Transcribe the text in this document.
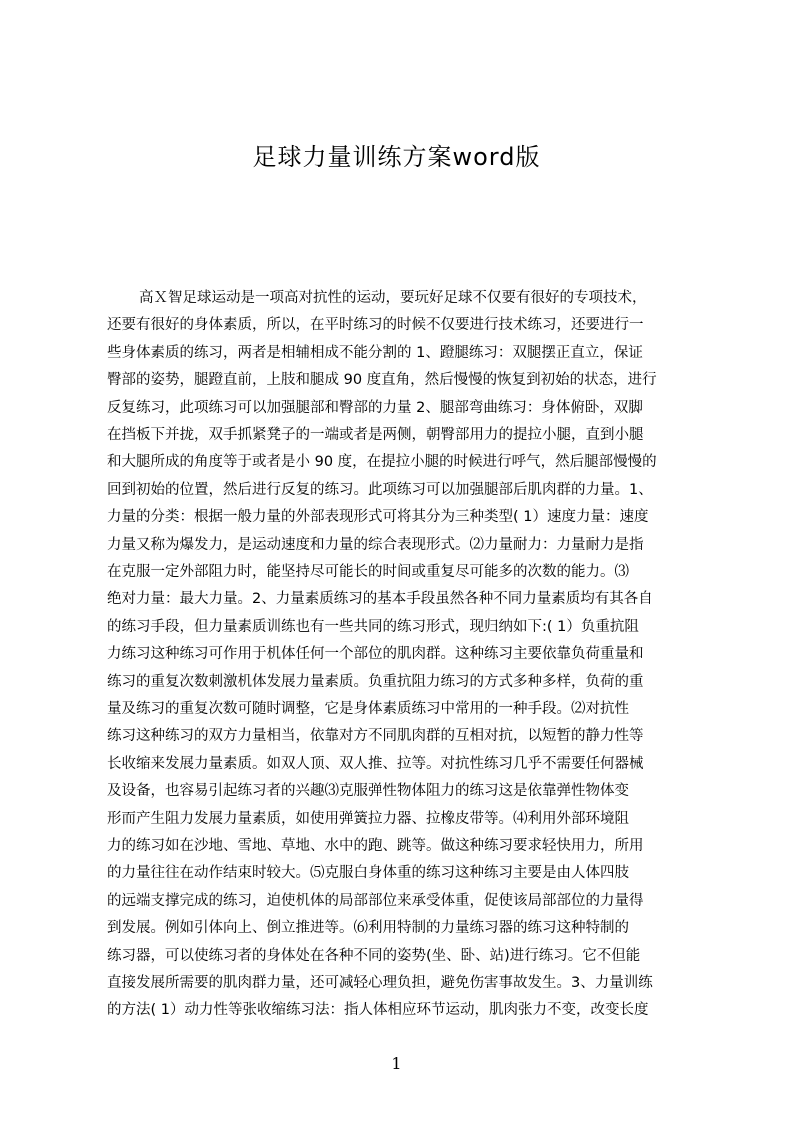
足球力量训练方案word版
高Ｘ智足球运动是一项高对抗性的运动，要玩好足球不仅要有很好的专项技术，
还要有很好的身体素质，所以，在平时练习的时候不仅要进行技术练习，还要进行一
些身体素质的练习，两者是相辅相成不能分割的 1、蹬腿练习：双腿摆正直立，保证
臀部的姿势，腿蹬直前，上肢和腿成 90 度直角，然后慢慢的恢复到初始的状态，进行
反复练习，此项练习可以加强腿部和臀部的力量 2、腿部弯曲练习：身体俯卧，双脚
在挡板下并拢，双手抓紧凳子的一端或者是两侧，朝臀部用力的提拉小腿，直到小腿
和大腿所成的角度等于或者是小 90 度，在提拉小腿的时候进行呼气，然后腿部慢慢的
回到初始的位置，然后进行反复的练习。此项练习可以加强腿部后肌肉群的力量。1、
力量的分类：根据一般力量的外部表现形式可将其分为三种类型( 1）速度力量：速度
力量又称为爆发力，是运动速度和力量的综合表现形式。⑵力量耐力：力量耐力是指
在克服一定外部阻力时，能坚持尽可能长的时间或重复尽可能多的次数的能力。⑶
绝对力量：最大力量。2、力量素质练习的基本手段虽然各种不同力量素质均有其各自
的练习手段，但力量素质训练也有一些共同的练习形式，现归纳如下:( 1）负重抗阻
力练习这种练习可作用于机体任何一个部位的肌肉群。这种练习主要依靠负荷重量和
练习的重复次数刺激机体发展力量素质。负重抗阻力练习的方式多种多样，负荷的重
量及练习的重复次数可随时调整，它是身体素质练习中常用的一种手段。⑵对抗性
练习这种练习的双方力量相当，依靠对方不同肌肉群的互相对抗，以短暂的静力性等
长收缩来发展力量素质。如双人顶、双人推、拉等。对抗性练习几乎不需要任何器械
及设备，也容易引起练习者的兴趣⑶克服弹性物体阻力的练习这是依靠弹性物体变
形而产生阻力发展力量素质，如使用弹簧拉力器、拉橡皮带等。⑷利用外部环境阻
力的练习如在沙地、雪地、草地、水中的跑、跳等。做这种练习要求轻快用力，所用
的力量往往在动作结束时较大。⑸克服白身体重的练习这种练习主要是由人体四肢
的远端支撑完成的练习，迫使机体的局部部位来承受体重，促使该局部部位的力量得
到发展。例如引体向上、倒立推进等。⑹利用特制的力量练习器的练习这种特制的
练习器，可以使练习者的身体处在各种不同的姿势(坐、卧、站)进行练习。它不但能
直接发展所需要的肌肉群力量，还可减轻心理负担，避免伤害事故发生。3、力量训练
的方法( 1）动力性等张收缩练习法：指人体相应环节运动，肌肉张力不变，改变长度
1
